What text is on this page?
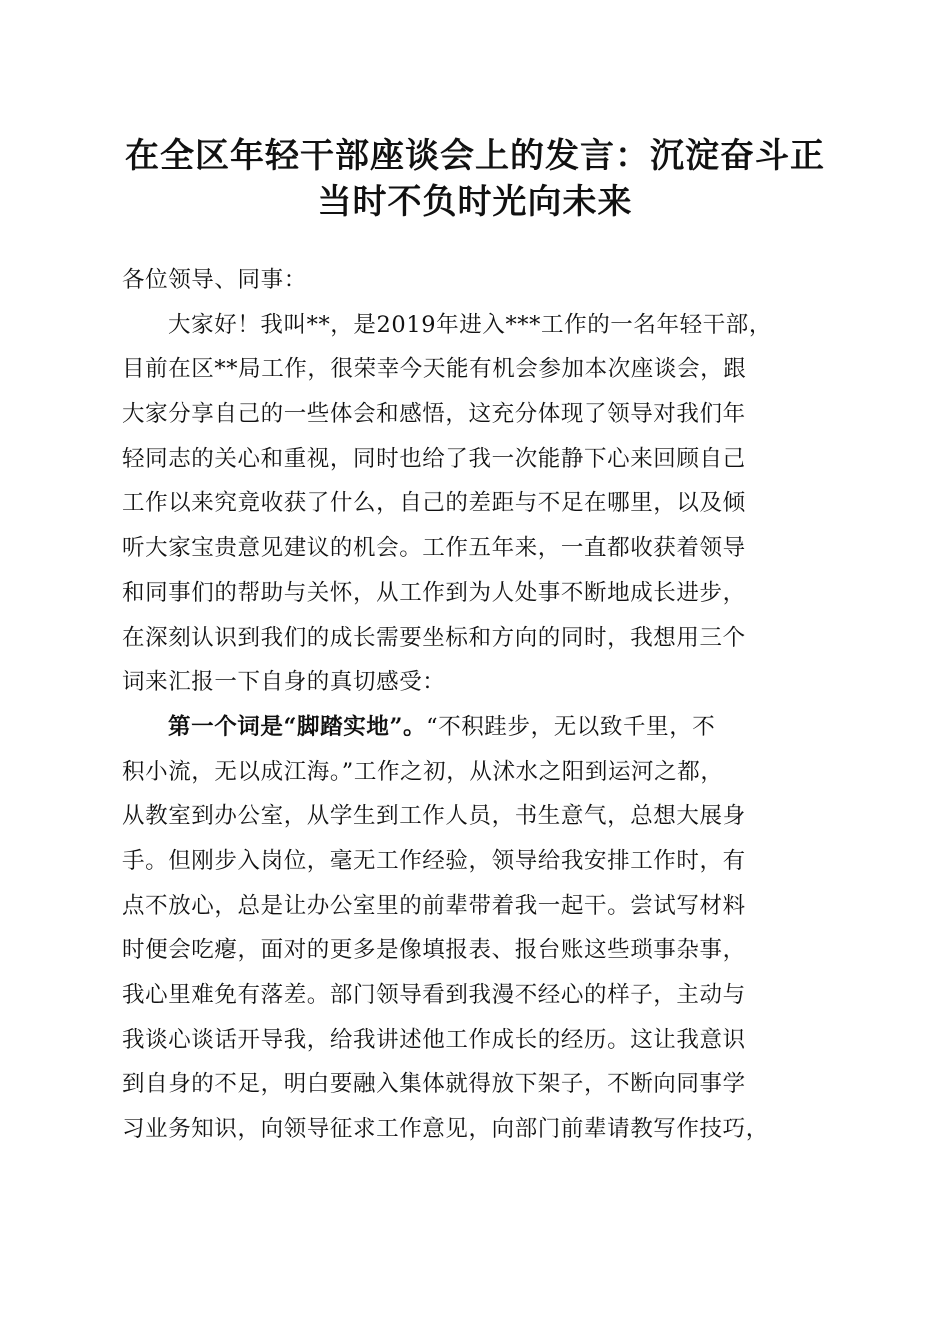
在全区年轻干部座谈会上的发言：沉淀奋斗正
当时不负时光向未来
各位领导、同事：
大家好！我叫**，是2019年进入***工作的一名年轻干部，
目前在区**局工作，很荣幸今天能有机会参加本次座谈会，跟
大家分享自己的一些体会和感悟，这充分体现了领导对我们年
轻同志的关心和重视，同时也给了我一次能静下心来回顾自己
工作以来究竟收获了什么，自己的差距与不足在哪里，以及倾
听大家宝贵意见建议的机会。工作五年来，一直都收获着领导
和同事们的帮助与关怀，从工作到为人处事不断地成长进步，
在深刻认识到我们的成长需要坐标和方向的同时，我想用三个
词来汇报一下自身的真切感受：
第一个词是“脚踏实地”。“不积跬步，无以致千里，不
积小流，无以成江海。”工作之初，从沭水之阳到运河之都，
从教室到办公室，从学生到工作人员，书生意气，总想大展身
手。但刚步入岗位，毫无工作经验，领导给我安排工作时，有
点不放心，总是让办公室里的前辈带着我一起干。尝试写材料
时便会吃瘪，面对的更多是像填报表、报台账这些琐事杂事，
我心里难免有落差。部门领导看到我漫不经心的样子，主动与
我谈心谈话开导我，给我讲述他工作成长的经历。这让我意识
到自身的不足，明白要融入集体就得放下架子，不断向同事学
习业务知识，向领导征求工作意见，向部门前辈请教写作技巧，
